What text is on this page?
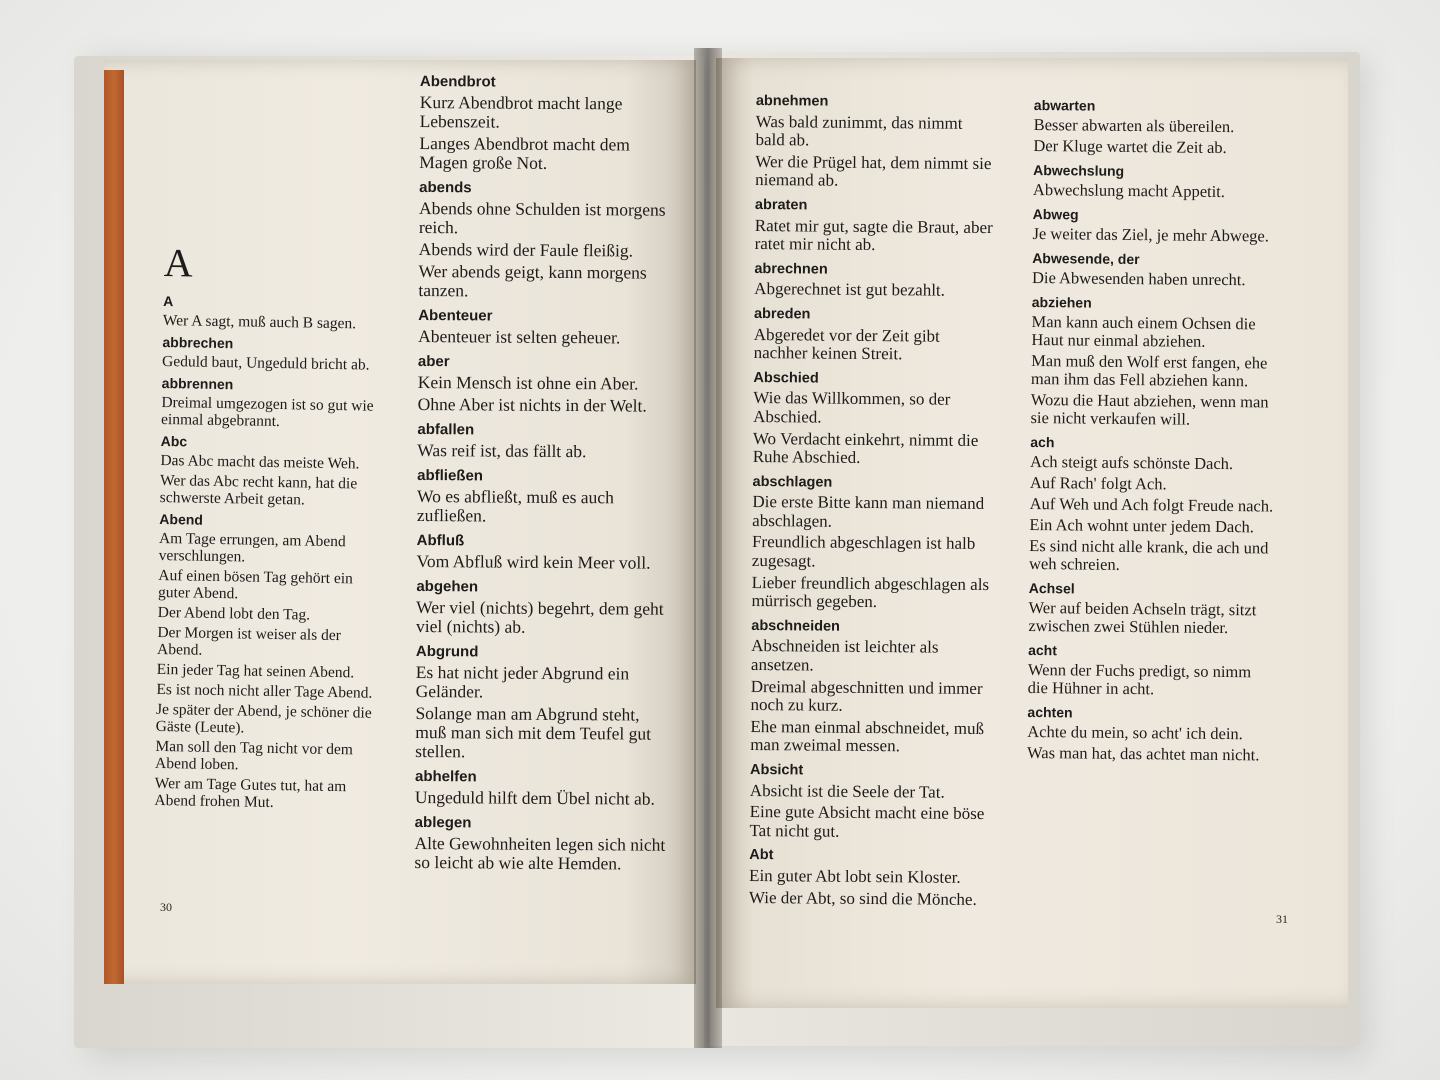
A
A
Wer A sagt, muß auch B sagen.
abbrechen
Geduld baut, Ungeduld bricht ab.
abbrennen
Dreimal umgezogen ist so gut wie einmal abgebrannt.
Abc
Das Abc macht das meiste Weh.
Wer das Abc recht kann, hat die schwerste Arbeit getan.
Abend
Am Tage errungen, am Abend verschlungen.
Auf einen bösen Tag gehört ein guter Abend.
Der Abend lobt den Tag.
Der Morgen ist weiser als der Abend.
Ein jeder Tag hat seinen Abend.
Es ist noch nicht aller Tage Abend.
Je später der Abend, je schöner die Gäste (Leute).
Man soll den Tag nicht vor dem Abend loben.
Wer am Tage Gutes tut, hat am Abend frohen Mut.
Abendbrot
Kurz Abendbrot macht lange Lebenszeit.
Langes Abendbrot macht dem Magen große Not.
abends
Abends ohne Schulden ist morgens reich.
Abends wird der Faule fleißig.
Wer abends geigt, kann morgens tanzen.
Abenteuer
Abenteuer ist selten geheuer.
aber
Kein Mensch ist ohne ein Aber.
Ohne Aber ist nichts in der Welt.
abfallen
Was reif ist, das fällt ab.
abfließen
Wo es abfließt, muß es auch zufließen.
Abfluß
Vom Abfluß wird kein Meer voll.
abgehen
Wer viel (nichts) begehrt, dem geht viel (nichts) ab.
Abgrund
Es hat nicht jeder Abgrund ein Geländer.
Solange man am Abgrund steht, muß man sich mit dem Teufel gut stellen.
abhelfen
Ungeduld hilft dem Übel nicht ab.
ablegen
Alte Gewohnheiten legen sich nicht so leicht ab wie alte Hemden.
abnehmen
Was bald zunimmt, das nimmt bald ab.
Wer die Prügel hat, dem nimmt sie niemand ab.
abraten
Ratet mir gut, sagte die Braut, aber ratet mir nicht ab.
abrechnen
Abgerechnet ist gut bezahlt.
abreden
Abgeredet vor der Zeit gibt nachher keinen Streit.
Abschied
Wie das Willkommen, so der Abschied.
Wo Verdacht einkehrt, nimmt die Ruhe Abschied.
abschlagen
Die erste Bitte kann man niemand abschlagen.
Freundlich abgeschlagen ist halb zugesagt.
Lieber freundlich abgeschlagen als mürrisch gegeben.
abschneiden
Abschneiden ist leichter als ansetzen.
Dreimal abgeschnitten und immer noch zu kurz.
Ehe man einmal abschneidet, muß man zweimal messen.
Absicht
Absicht ist die Seele der Tat.
Eine gute Absicht macht eine böse Tat nicht gut.
Abt
Ein guter Abt lobt sein Kloster.
Wie der Abt, so sind die Mönche.
abwarten
Besser abwarten als übereilen.
Der Kluge wartet die Zeit ab.
Abwechslung
Abwechslung macht Appetit.
Abweg
Je weiter das Ziel, je mehr Abwege.
Abwesende, der
Die Abwesenden haben unrecht.
abziehen
Man kann auch einem Ochsen die Haut nur einmal abziehen.
Man muß den Wolf erst fangen, ehe man ihm das Fell abziehen kann.
Wozu die Haut abziehen, wenn man sie nicht verkaufen will.
ach
Ach steigt aufs schönste Dach.
Auf Rach' folgt Ach.
Auf Weh und Ach folgt Freude nach.
Ein Ach wohnt unter jedem Dach.
Es sind nicht alle krank, die ach und weh schreien.
Achsel
Wer auf beiden Achseln trägt, sitzt zwischen zwei Stühlen nieder.
acht
Wenn der Fuchs predigt, so nimm die Hühner in acht.
achten
Achte du mein, so acht' ich dein.
Was man hat, das achtet man nicht.
30
31
